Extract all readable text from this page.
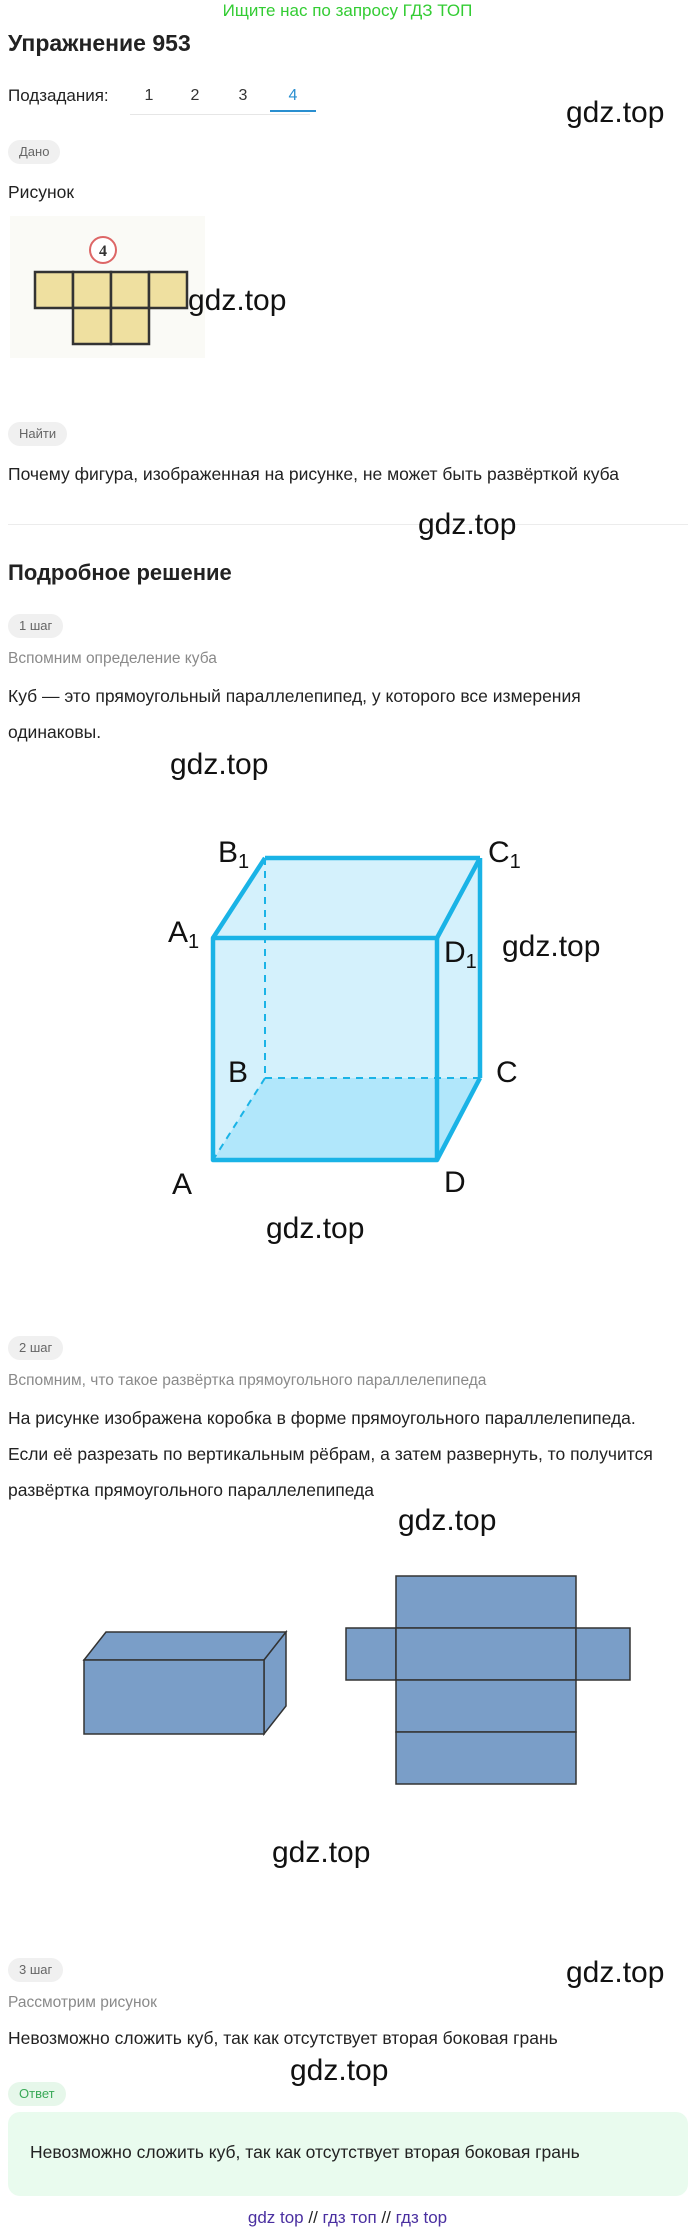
Ищите нас по запросу ГДЗ ТОП
Упражнение 953
Подзадания:	1	2	3	4
gdz.top
Дано
Рисунок
4
gdz.top
Найти
Почему фигура, изображенная на рисунке, не может быть развёрткой куба
gdz.top
Подробное решение
1 шаг
Вспомним определение куба
Куб — это прямоугольный параллелепипед, у которого все измерения
одинаковы.
gdz.top
$B_1$	$C_1$
$A_1$	$D_1$
B	C
A	D
gdz.top
gdz.top
2 шаг
Вспомним, что такое развёртка прямоугольного параллелепипеда
На рисунке изображена коробка в форме прямоугольного параллелепипеда.
Если её разрезать по вертикальным рёбрам, а затем развернуть, то получится
развёртка прямоугольного параллелепипеда
gdz.top
gdz.top
3 шаг	gdz.top
Рассмотрим рисунок
Невозможно сложить куб, так как отсутствует вторая боковая грань
gdz.top
Ответ
Невозможно сложить куб, так как отсутствует вторая боковая грань
gdz top // гдз топ // гдз top
